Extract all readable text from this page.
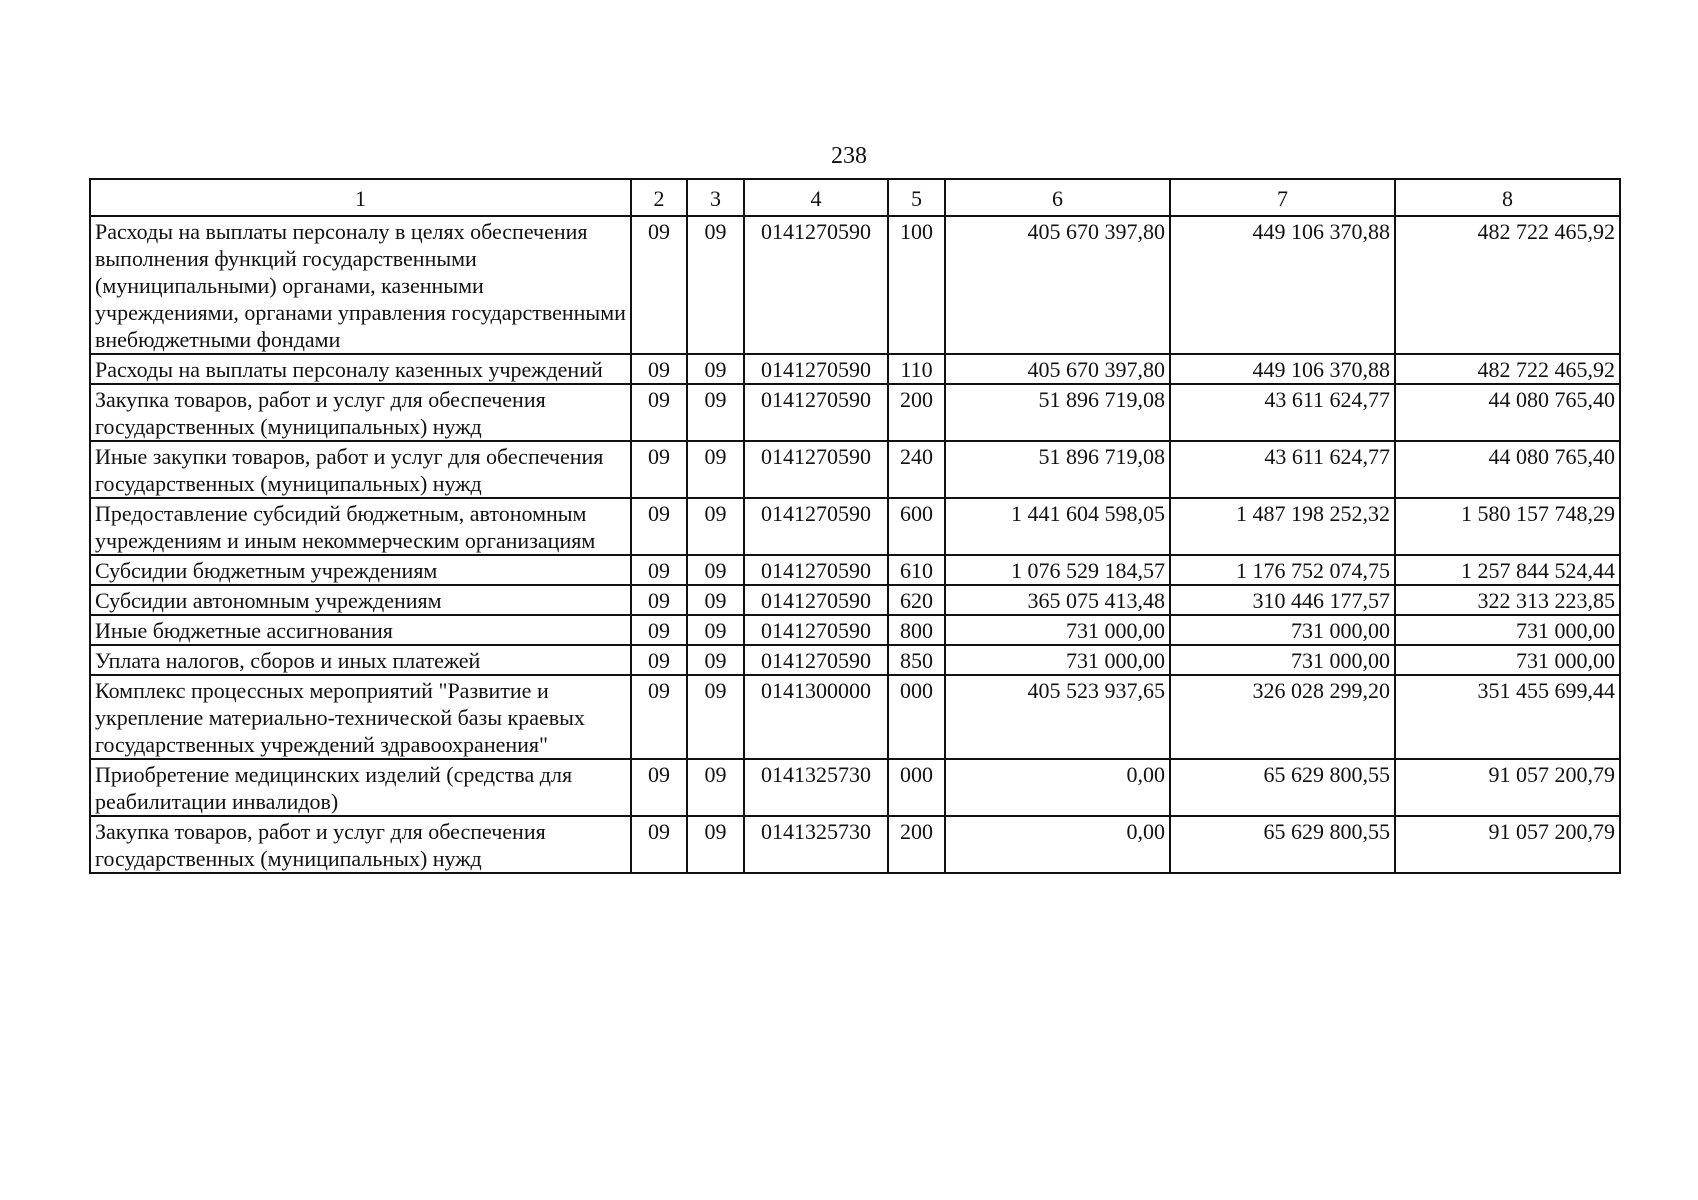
238
1	2	3	4	5	6	7	8
Расходы на выплаты персоналу в целях обеспечения выполнения функций государственными (муниципальными) органами, казенными учреждениями, органами управления государственными внебюджетными фондами	09	09	0141270590	100	405 670 397,80	449 106 370,88	482 722 465,92
Расходы на выплаты персоналу казенных учреждений	09	09	0141270590	110	405 670 397,80	449 106 370,88	482 722 465,92
Закупка товаров, работ и услуг для обеспечения государственных (муниципальных) нужд	09	09	0141270590	200	51 896 719,08	43 611 624,77	44 080 765,40
Иные закупки товаров, работ и услуг для обеспечения государственных (муниципальных) нужд	09	09	0141270590	240	51 896 719,08	43 611 624,77	44 080 765,40
Предоставление субсидий бюджетным, автономным учреждениям и иным некоммерческим организациям	09	09	0141270590	600	1 441 604 598,05	1 487 198 252,32	1 580 157 748,29
Субсидии бюджетным учреждениям	09	09	0141270590	610	1 076 529 184,57	1 176 752 074,75	1 257 844 524,44
Субсидии автономным учреждениям	09	09	0141270590	620	365 075 413,48	310 446 177,57	322 313 223,85
Иные бюджетные ассигнования	09	09	0141270590	800	731 000,00	731 000,00	731 000,00
Уплата налогов, сборов и иных платежей	09	09	0141270590	850	731 000,00	731 000,00	731 000,00
Комплекс процессных мероприятий "Развитие и укрепление материально-технической базы краевых государственных учреждений здравоохранения"	09	09	0141300000	000	405 523 937,65	326 028 299,20	351 455 699,44
Приобретение медицинских изделий (средства для реабилитации инвалидов)	09	09	0141325730	000	0,00	65 629 800,55	91 057 200,79
Закупка товаров, работ и услуг для обеспечения государственных (муниципальных) нужд	09	09	0141325730	200	0,00	65 629 800,55	91 057 200,79
